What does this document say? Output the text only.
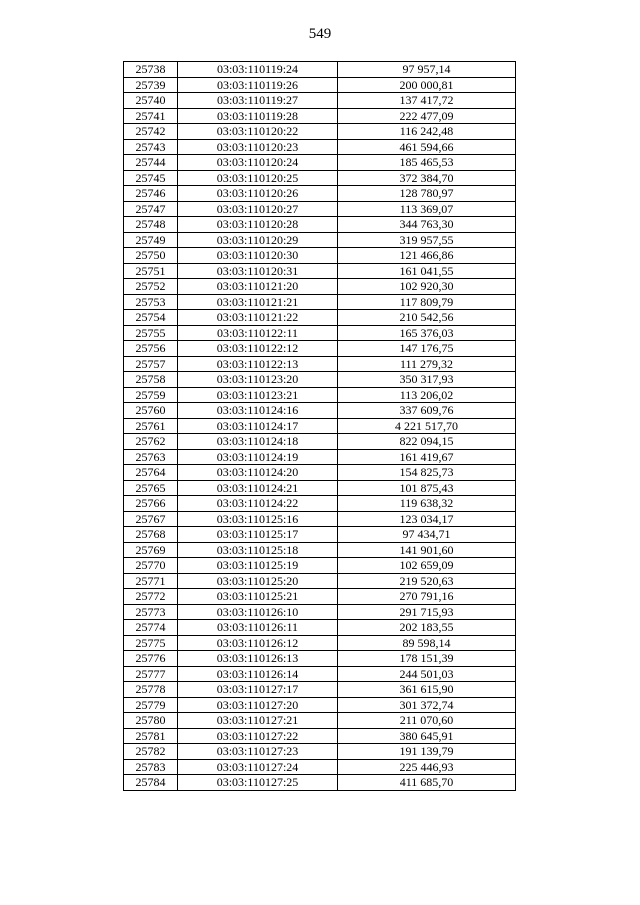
549
25738	03:03:110119:24	97 957,14
25739	03:03:110119:26	200 000,81
25740	03:03:110119:27	137 417,72
25741	03:03:110119:28	222 477,09
25742	03:03:110120:22	116 242,48
25743	03:03:110120:23	461 594,66
25744	03:03:110120:24	185 465,53
25745	03:03:110120:25	372 384,70
25746	03:03:110120:26	128 780,97
25747	03:03:110120:27	113 369,07
25748	03:03:110120:28	344 763,30
25749	03:03:110120:29	319 957,55
25750	03:03:110120:30	121 466,86
25751	03:03:110120:31	161 041,55
25752	03:03:110121:20	102 920,30
25753	03:03:110121:21	117 809,79
25754	03:03:110121:22	210 542,56
25755	03:03:110122:11	165 376,03
25756	03:03:110122:12	147 176,75
25757	03:03:110122:13	111 279,32
25758	03:03:110123:20	350 317,93
25759	03:03:110123:21	113 206,02
25760	03:03:110124:16	337 609,76
25761	03:03:110124:17	4 221 517,70
25762	03:03:110124:18	822 094,15
25763	03:03:110124:19	161 419,67
25764	03:03:110124:20	154 825,73
25765	03:03:110124:21	101 875,43
25766	03:03:110124:22	119 638,32
25767	03:03:110125:16	123 034,17
25768	03:03:110125:17	97 434,71
25769	03:03:110125:18	141 901,60
25770	03:03:110125:19	102 659,09
25771	03:03:110125:20	219 520,63
25772	03:03:110125:21	270 791,16
25773	03:03:110126:10	291 715,93
25774	03:03:110126:11	202 183,55
25775	03:03:110126:12	89 598,14
25776	03:03:110126:13	178 151,39
25777	03:03:110126:14	244 501,03
25778	03:03:110127:17	361 615,90
25779	03:03:110127:20	301 372,74
25780	03:03:110127:21	211 070,60
25781	03:03:110127:22	380 645,91
25782	03:03:110127:23	191 139,79
25783	03:03:110127:24	225 446,93
25784	03:03:110127:25	411 685,70
